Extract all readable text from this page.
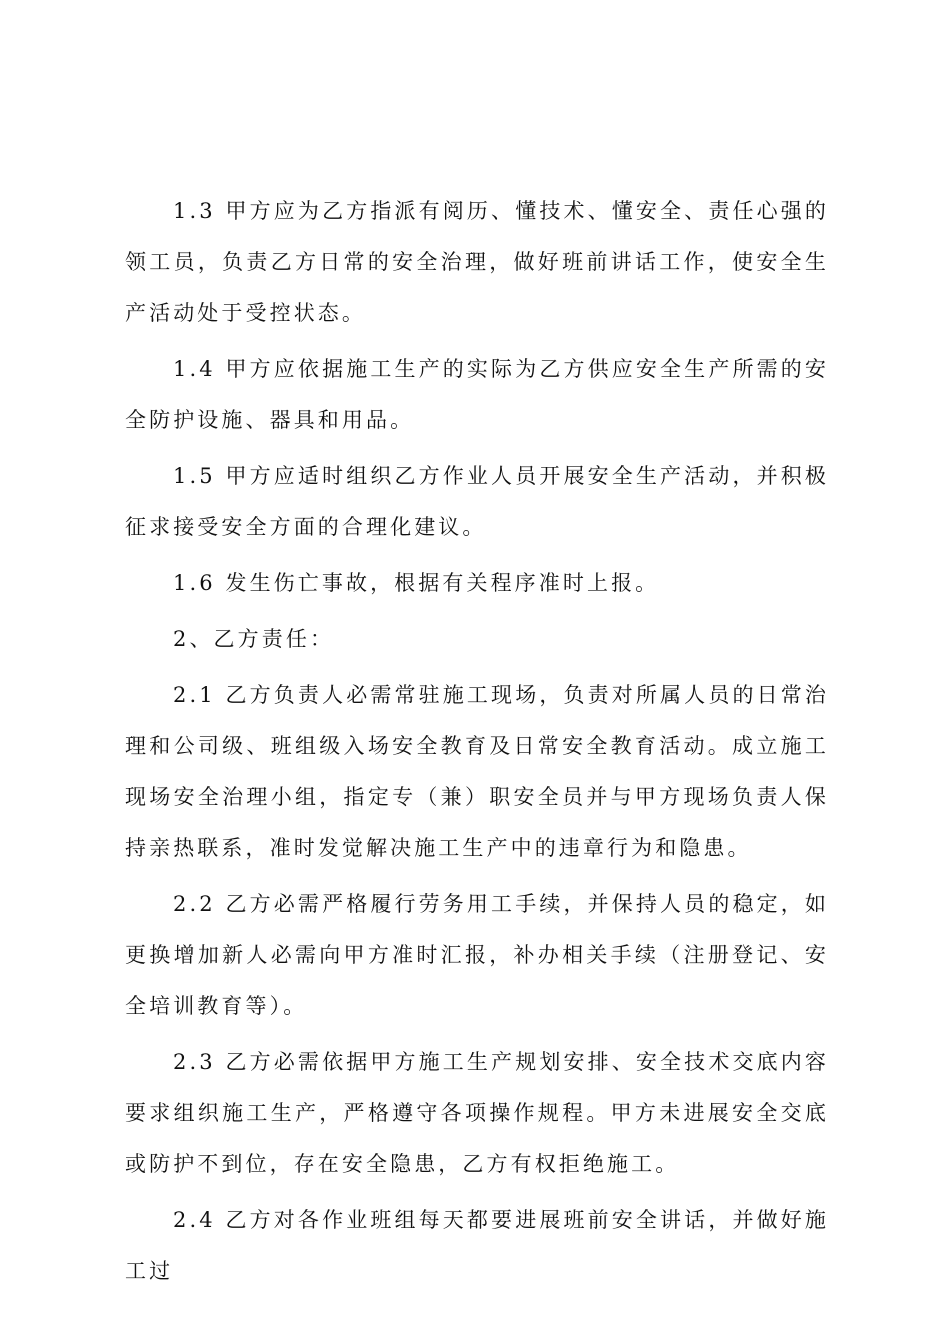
1.3 甲方应为乙方指派有阅历、懂技术、懂安全、责任心强的领工员，负责乙方日常的安全治理，做好班前讲话工作，使安全生产活动处于受控状态。

1.4 甲方应依据施工生产的实际为乙方供应安全生产所需的安全防护设施、器具和用品。

1.5 甲方应适时组织乙方作业人员开展安全生产活动，并积极征求接受安全方面的合理化建议。

1.6 发生伤亡事故，根据有关程序准时上报。

2、乙方责任：

2.1 乙方负责人必需常驻施工现场，负责对所属人员的日常治理和公司级、班组级入场安全教育及日常安全教育活动。成立施工现场安全治理小组，指定专（兼）职安全员并与甲方现场负责人保持亲热联系，准时发觉解决施工生产中的违章行为和隐患。

2.2 乙方必需严格履行劳务用工手续，并保持人员的稳定，如更换增加新人必需向甲方准时汇报，补办相关手续（注册登记、安全培训教育等）。

2.3 乙方必需依据甲方施工生产规划安排、安全技术交底内容要求组织施工生产，严格遵守各项操作规程。甲方未进展安全交底或防护不到位，存在安全隐患，乙方有权拒绝施工。

2.4 乙方对各作业班组每天都要进展班前安全讲话，并做好施工过
